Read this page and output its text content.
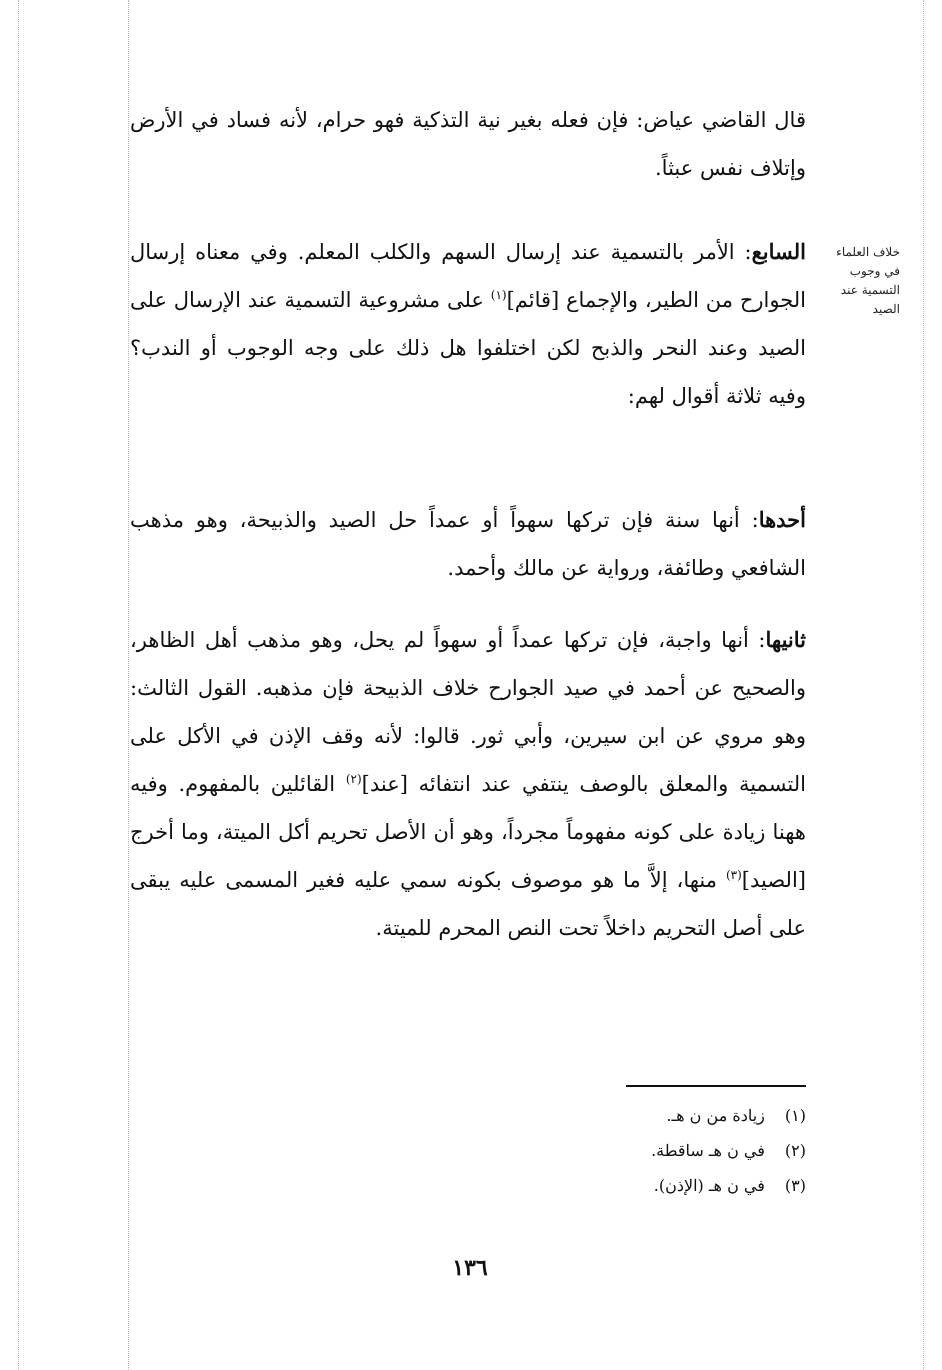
خلاف العلماء
في وجوب
التسمية عند
الصيد

قال القاضي عياض: فإن فعله بغير نية التذكية فهو حرام، لأنه فساد في الأرض وإتلاف نفس عبثاً.

السابع: الأمر بالتسمية عند إرسال السهم والكلب المعلم. وفي معناه إرسال الجوارح من الطير، والإجماع [قائم]$^{(١)}$ على مشروعية التسمية عند الإرسال على الصيد وعند النحر والذبح لكن اختلفوا هل ذلك على وجه الوجوب أو الندب؟ وفيه ثلاثة أقوال لهم:

أحدها: أنها سنة فإن تركها سهواً أو عمداً حل الصيد والذبيحة، وهو مذهب الشافعي وطائفة، ورواية عن مالك وأحمد.

ثانيها: أنها واجبة، فإن تركها عمداً أو سهواً لم يحل، وهو مذهب أهل الظاهر، والصحيح عن أحمد في صيد الجوارح خلاف الذبيحة فإن مذهبه. القول الثالث: وهو مروي عن ابن سيرين، وأبي ثور. قالوا: لأنه وقف الإذن في الأكل على التسمية والمعلق بالوصف ينتفي عند انتفائه [عند]$^{(٢)}$ القائلين بالمفهوم. وفيه ههنا زيادة على كونه مفهوماً مجرداً، وهو أن الأصل تحريم أكل الميتة، وما أخرج [الصيد]$^{(٣)}$ منها، إلاَّ ما هو موصوف بكونه سمي عليه فغير المسمى عليه يبقى على أصل التحريم داخلاً تحت النص المحرم للميتة.

(١) زيادة من ن هـ.
(٢) في ن هـ ساقطة.
(٣) في ن هـ (الإذن).
١٣٦
